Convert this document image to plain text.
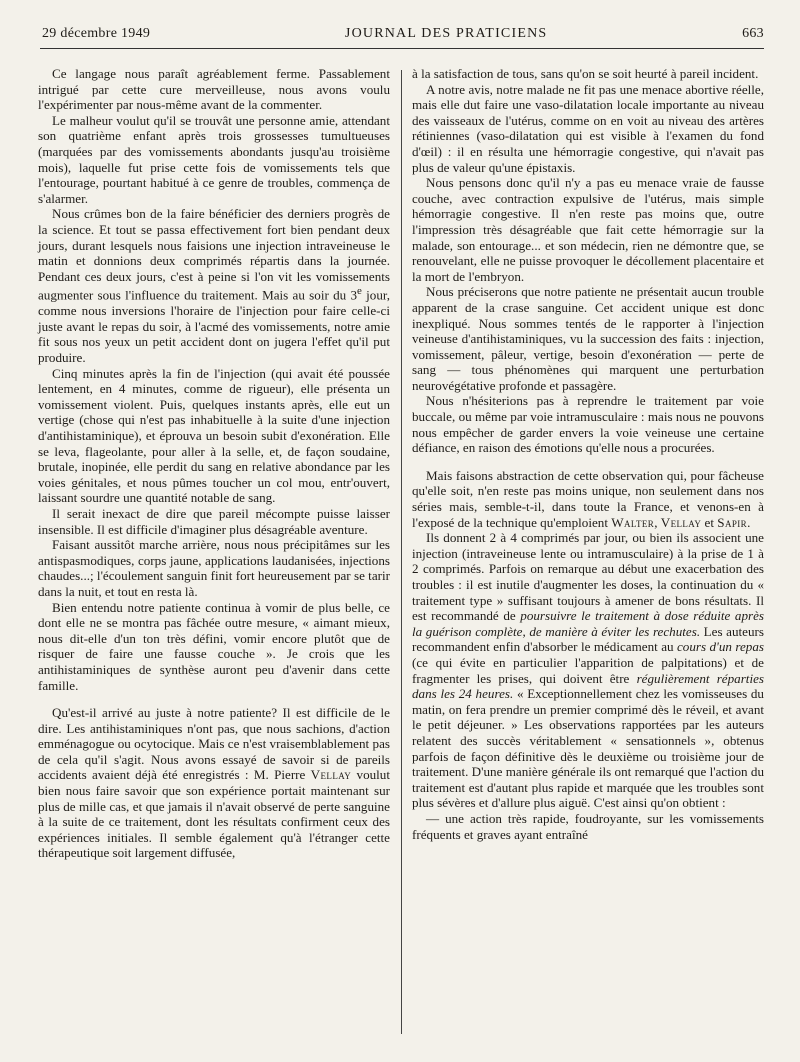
29 décembre 1949	JOURNAL DES PRATICIENS	663

Ce langage nous paraît agréablement ferme. Passablement intrigué par cette cure merveilleuse, nous avons voulu l'expérimenter par nous-même avant de la commenter.

Le malheur voulut qu'il se trouvât une personne amie, attendant son quatrième enfant après trois grossesses tumultueuses (marquées par des vomissements abondants jusqu'au troisième mois), laquelle fut prise cette fois de vomissements tels que l'entourage, pourtant habitué à ce genre de troubles, commença de s'alarmer.

Nous crûmes bon de la faire bénéficier des derniers progrès de la science. Et tout se passa effectivement fort bien pendant deux jours, durant lesquels nous faisions une injection intraveineuse le matin et donnions deux comprimés répartis dans la journée. Pendant ces deux jours, c'est à peine si l'on vit les vomissements augmenter sous l'influence du traitement. Mais au soir du 3e jour, comme nous inversions l'horaire de l'injection pour faire celle-ci juste avant le repas du soir, à l'acmé des vomissements, notre amie fit sous nos yeux un petit accident dont on jugera l'effet qu'il put produire.

Cinq minutes après la fin de l'injection (qui avait été poussée lentement, en 4 minutes, comme de rigueur), elle présenta un vomissement violent. Puis, quelques instants après, elle eut un vertige (chose qui n'est pas inhabituelle à la suite d'une injection d'antihistaminique), et éprouva un besoin subit d'exonération. Elle se leva, flageolante, pour aller à la selle, et, de façon soudaine, brutale, inopinée, elle perdit du sang en relative abondance par les voies génitales, et nous pûmes toucher un col mou, entr'ouvert, laissant sourdre une quantité notable de sang.

Il serait inexact de dire que pareil mécompte puisse laisser insensible. Il est difficile d'imaginer plus désagréable aventure.

Faisant aussitôt marche arrière, nous nous précipitâmes sur les antispasmodiques, corps jaune, applications laudanisées, injections chaudes...; l'écoulement sanguin finit fort heureusement par se tarir dans la nuit, et tout en resta là.

Bien entendu notre patiente continua à vomir de plus belle, ce dont elle ne se montra pas fâchée outre mesure, « aimant mieux, nous dit-elle d'un ton très défini, vomir encore plutôt que de risquer de faire une fausse couche ». Je crois que les antihistaminiques de synthèse auront peu d'avenir dans cette famille.

Qu'est-il arrivé au juste à notre patiente? Il est difficile de le dire. Les antihistaminiques n'ont pas, que nous sachions, d'action emménagogue ou ocytocique. Mais ce n'est vraisemblablement pas de cela qu'il s'agit. Nous avons essayé de savoir si de pareils accidents avaient déjà été enregistrés : M. Pierre Vellay voulut bien nous faire savoir que son expérience portait maintenant sur plus de mille cas, et que jamais il n'avait observé de perte sanguine à la suite de ce traitement, dont les résultats confirment ceux des expériences initiales. Il semble également qu'à l'étranger cette thérapeutique soit largement diffusée,

à la satisfaction de tous, sans qu'on se soit heurté à pareil incident.

A notre avis, notre malade ne fit pas une menace abortive réelle, mais elle dut faire une vaso-dilatation locale importante au niveau des vaisseaux de l'utérus, comme on en voit au niveau des artères rétiniennes (vaso-dilatation qui est visible à l'examen du fond d'œil) : il en résulta une hémorragie congestive, qui n'avait pas plus de valeur qu'une épistaxis.

Nous pensons donc qu'il n'y a pas eu menace vraie de fausse couche, avec contraction expulsive de l'utérus, mais simple hémorragie congestive. Il n'en reste pas moins que, outre l'impression très désagréable que fait cette hémorragie sur la malade, son entourage... et son médecin, rien ne démontre que, se renouvelant, elle ne puisse provoquer le décollement placentaire et la mort de l'embryon.

Nous préciserons que notre patiente ne présentait aucun trouble apparent de la crase sanguine. Cet accident unique est donc inexpliqué. Nous sommes tentés de le rapporter à l'injection veineuse d'antihistaminiques, vu la succession des faits : injection, vomissement, pâleur, vertige, besoin d'exonération — perte de sang — tous phénomènes qui marquent une perturbation neurovégétative profonde et passagère.

Nous n'hésiterions pas à reprendre le traitement par voie buccale, ou même par voie intramusculaire : mais nous ne pouvons nous empêcher de garder envers la voie veineuse une certaine défiance, en raison des émotions qu'elle nous a procurées.

Mais faisons abstraction de cette observation qui, pour fâcheuse qu'elle soit, n'en reste pas moins unique, non seulement dans nos séries mais, semble-t-il, dans toute la France, et venons-en à l'exposé de la technique qu'emploient Walter, Vellay et Sapir.

Ils donnent 2 à 4 comprimés par jour, ou bien ils associent une injection (intraveineuse lente ou intramusculaire) à la prise de 1 à 2 comprimés. Parfois on remarque au début une exacerbation des troubles : il est inutile d'augmenter les doses, la continuation du « traitement type » suffisant toujours à amener de bons résultats. Il est recommandé de poursuivre le traitement à dose réduite après la guérison complète, de manière à éviter les rechutes. Les auteurs recommandent enfin d'absorber le médicament au cours d'un repas (ce qui évite en particulier l'apparition de palpitations) et de fragmenter les prises, qui doivent être régulièrement réparties dans les 24 heures. « Exceptionnellement chez les vomisseuses du matin, on fera prendre un premier comprimé dès le réveil, et avant le petit déjeuner. » Les observations rapportées par les auteurs relatent des succès véritablement « sensationnels », obtenus parfois de façon définitive dès le deuxième ou troisième jour de traitement. D'une manière générale ils ont remarqué que l'action du traitement est d'autant plus rapide et marquée que les troubles sont plus sévères et d'allure plus aiguë. C'est ainsi qu'on obtient :

— une action très rapide, foudroyante, sur les vomissements fréquents et graves ayant entraîné
